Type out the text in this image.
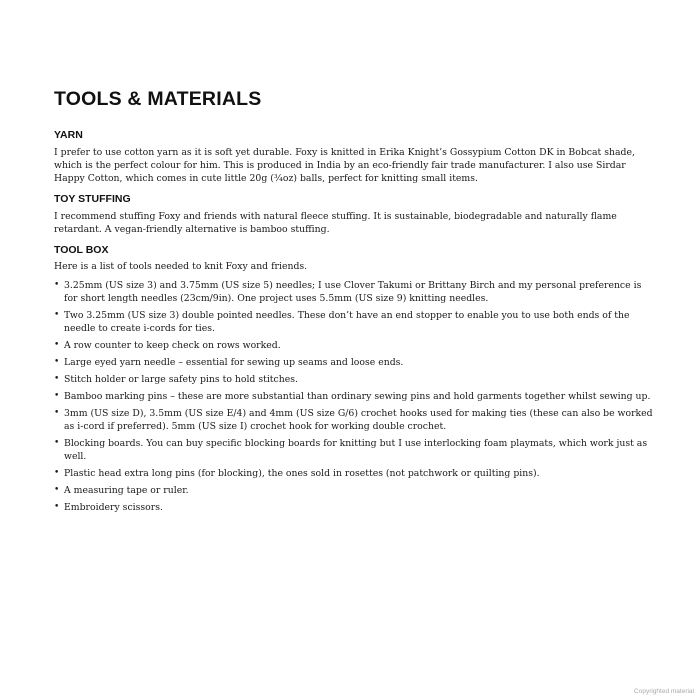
TOOLS & MATERIALS
YARN

I prefer to use cotton yarn as it is soft yet durable. Foxy is knitted in Erika Knight’s Gossypium Cotton DK in Bobcat shade, which is the perfect colour for him. This is produced in India by an eco-friendly fair trade manufacturer. I also use Sirdar Happy Cotton, which comes in cute little 20g (¾oz) balls, perfect for knitting small items.

TOY STUFFING

I recommend stuffing Foxy and friends with natural fleece stuffing. It is sustainable, biodegradable and naturally flame retardant. A vegan-friendly alternative is bamboo stuffing.

TOOL BOX

Here is a list of tools needed to knit Foxy and friends.

• 3.25mm (US size 3) and 3.75mm (US size 5) needles; I use Clover Takumi or Brittany Birch and my personal preference is for short length needles (23cm/9in). One project uses 5.5mm (US size 9) knitting needles.
• Two 3.25mm (US size 3) double pointed needles. These don’t have an end stopper to enable you to use both ends of the needle to create i-cords for ties.
• A row counter to keep check on rows worked.
• Large eyed yarn needle – essential for sewing up seams and loose ends.
• Stitch holder or large safety pins to hold stitches.
• Bamboo marking pins – these are more substantial than ordinary sewing pins and hold garments together whilst sewing up.
• 3mm (US size D), 3.5mm (US size E/4) and 4mm (US size G/6) crochet hooks used for making ties (these can also be worked as i-cord if preferred). 5mm (US size I) crochet hook for working double crochet.
• Blocking boards. You can buy specific blocking boards for knitting but I use interlocking foam playmats, which work just as well.
• Plastic head extra long pins (for blocking), the ones sold in rosettes (not patchwork or quilting pins).
• A measuring tape or ruler.
• Embroidery scissors.
Copyrighted material
